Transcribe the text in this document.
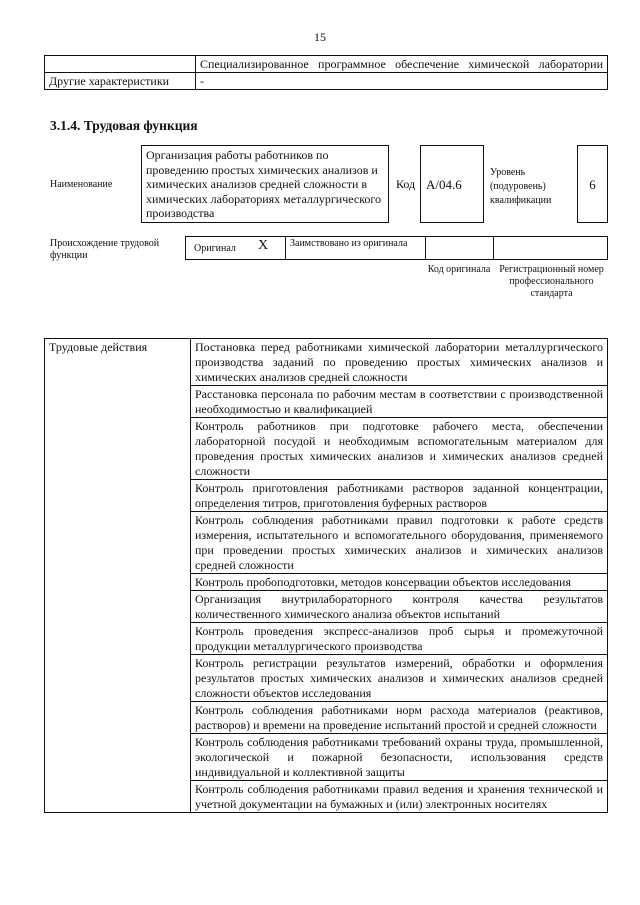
15
	Специализированное программное обеспечение химической лаборатории
Другие характеристики	-
3.1.4. Трудовая функция
Наименование
Организация работы работников по проведению простых химических анализов и химических анализов средней сложности в химических лабораториях металлургического производства
Код A/04.6
Уровень (подуровень) квалификации
6
Происхождение трудовой функции
Оригинал X	Заимствовано из оригинала
Код оригинала Регистрационный номер профессионального стандарта
Трудовые действия	Постановка перед работниками химической лаборатории металлургического производства заданий по проведению простых химических анализов и химических анализов средней сложности
Расстановка персонала по рабочим местам в соответствии с производственной необходимостью и квалификацией
Контроль работников при подготовке рабочего места, обеспечении лабораторной посудой и необходимым вспомогательным материалом для проведения простых химических анализов и химических анализов средней сложности
Контроль приготовления работниками растворов заданной концентрации, определения титров, приготовления буферных растворов
Контроль соблюдения работниками правил подготовки к работе средств измерения, испытательного и вспомогательного оборудования, применяемого при проведении простых химических анализов и химических анализов средней сложности
Контроль пробоподготовки, методов консервации объектов исследования
Организация внутрилабораторного контроля качества результатов количественного химического анализа объектов испытаний
Контроль проведения экспресс-анализов проб сырья и промежуточной продукции металлургического производства
Контроль регистрации результатов измерений, обработки и оформления результатов простых химических анализов и химических анализов средней сложности объектов исследования
Контроль соблюдения работниками норм расхода материалов (реактивов, растворов) и времени на проведение испытаний простой и средней сложности
Контроль соблюдения работниками требований охраны труда, промышленной, экологической и пожарной безопасности, использования средств индивидуальной и коллективной защиты
Контроль соблюдения работниками правил ведения и хранения технической и учетной документации на бумажных и (или) электронных носителях
